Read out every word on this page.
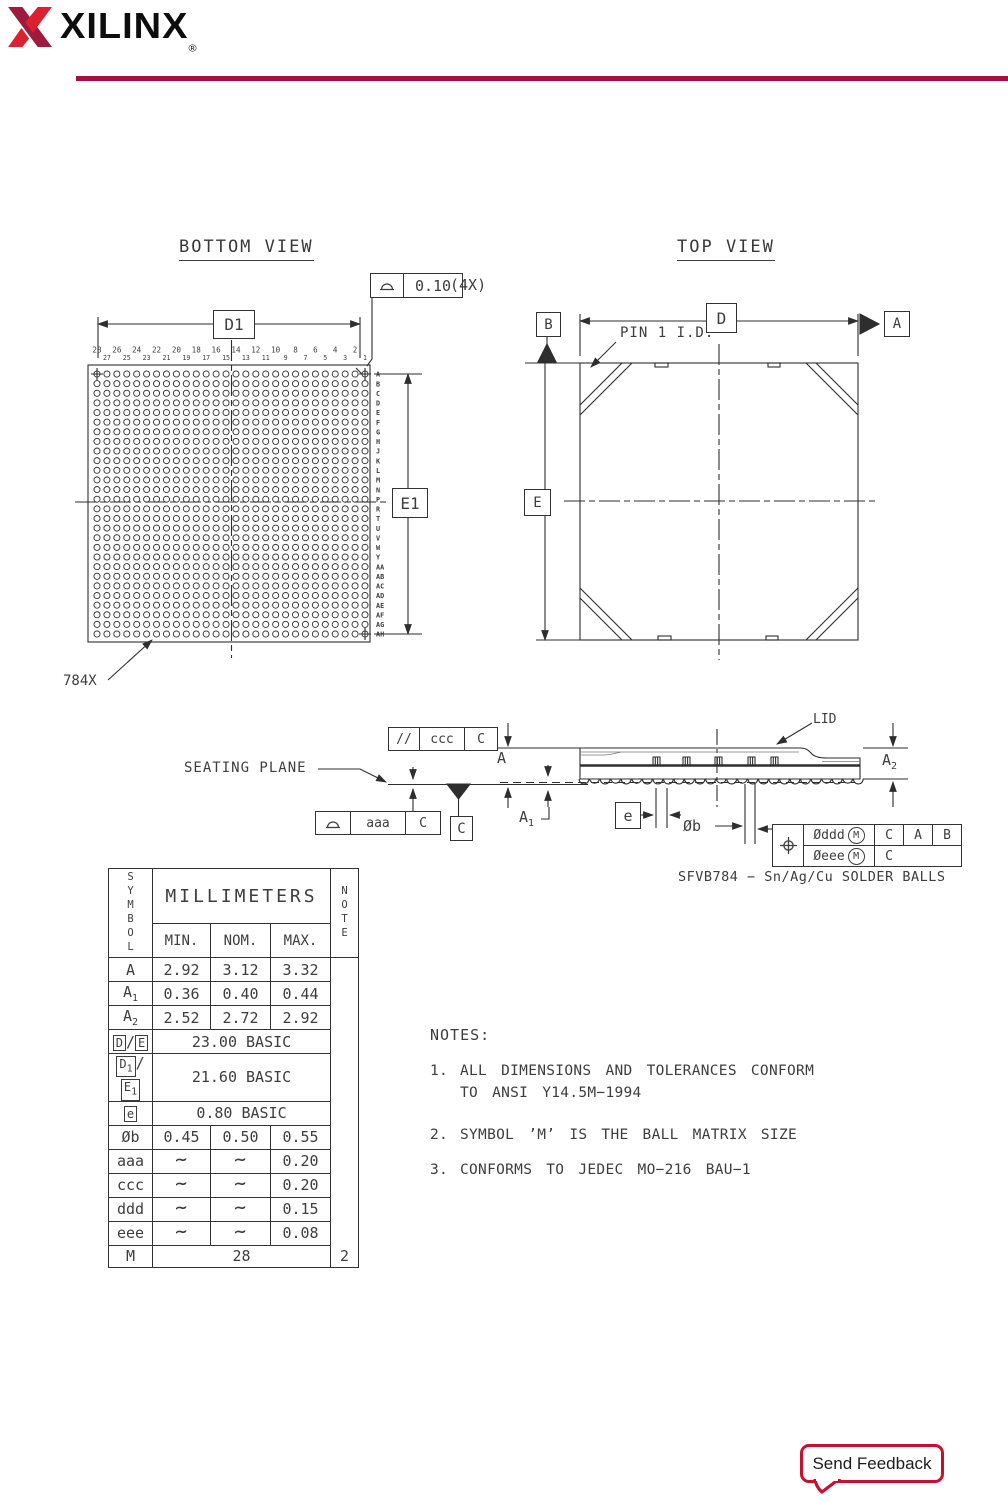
$XILINX_®$
BOTTOM VIEW
28
27
26
25
24
23
22
21
20
19
18
17
16
15
14
13
12
11
10
9
8
7
6
5
4
3
2
1
A
B
C
D
E
F
G
H
J
K
L
M
N
P
R
T
U
V
W
Y
AA
AB
AC
AD
AE
AF
AG
AH
0.10
(4X)
D1
E1
784X
TOP VIEW
D
B	A
E
PIN 1 I.D.
SEATING PLANE
LID
//	ccc	C
A
$A_1$
$A_2$
aaa	C	C
e
Øb	Øddd M	C	A	B
Øeee M	C
SFVB784 − Sn/Ag/Cu SOLDER BALLS
SYMBOL	MILLIMETERS			NOTE
	MIN.	NOM.	MAX.	
A	2.92	3.12	3.32	
$A_1$	0.36	0.40	0.44	
$A_2$	2.52	2.72	2.92	
D / E	23.00 BASIC			
$D_1$ $/E_1$	21.60 BASIC			
e	0.80 BASIC			
Øb	0.45	0.50	0.55	
aaa	~	~	0.20	
ccc	~	~	0.20	
ddd	~	~	0.15	
eee	~	~	0.08	
M	28			2
NOTES:
1. ALL DIMENSIONS AND TOLERANCES CONFORM
TO ANSI Y14.5M−1994
2. SYMBOL ’M’ IS THE BALL MATRIX SIZE
3. CONFORMS TO JEDEC MO−216 BAU−1
Send Feedback
